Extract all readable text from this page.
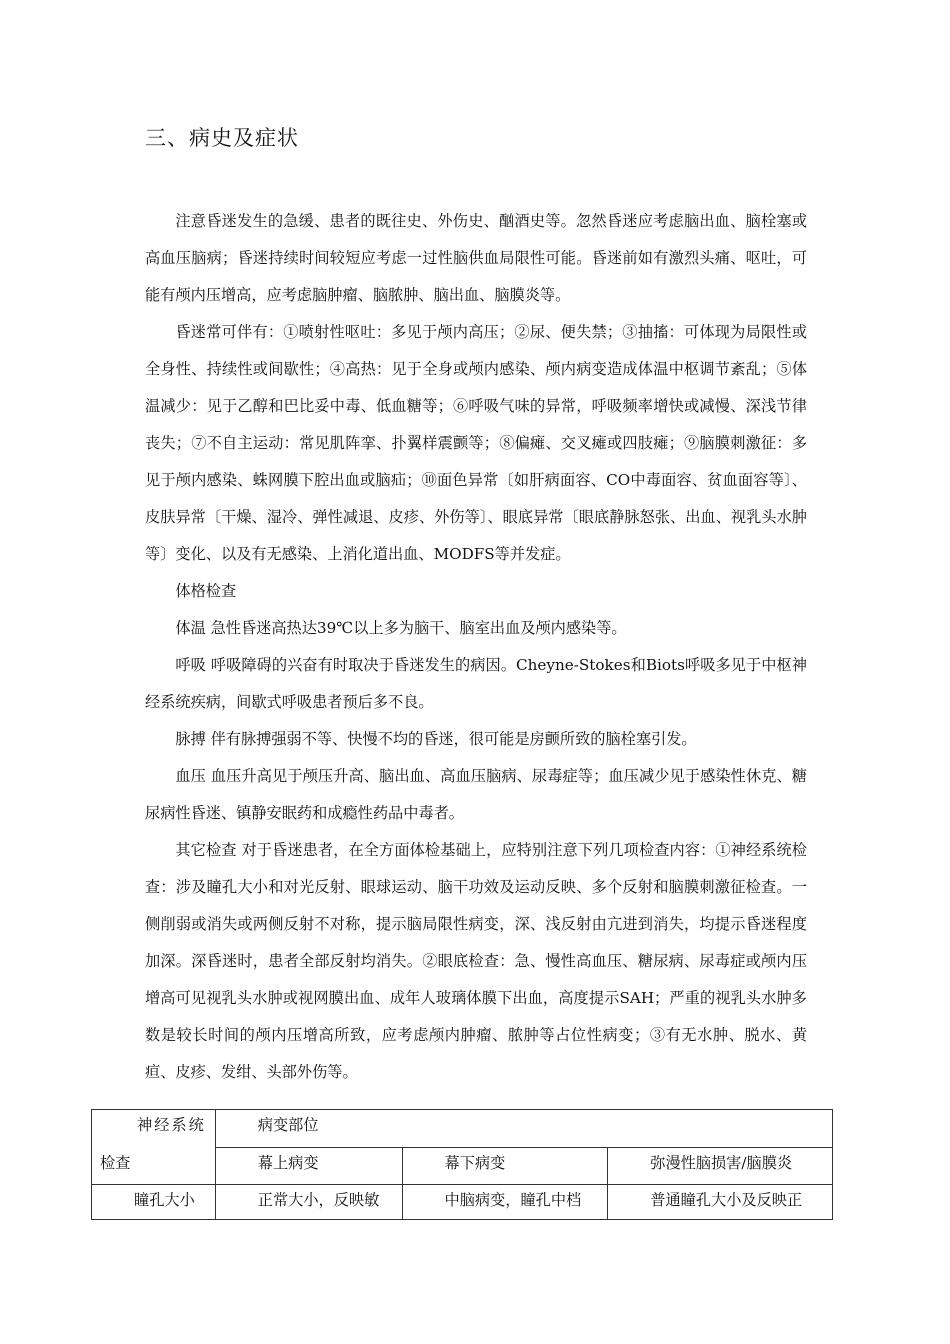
三、病史及症状

注意昏迷发生的急缓、患者的既往史、外伤史、酗酒史等。忽然昏迷应考虑脑出血、脑栓塞或高血压脑病；昏迷持续时间较短应考虑一过性脑供血局限性可能。昏迷前如有激烈头痛、呕吐，可能有颅内压增高，应考虑脑肿瘤、脑脓肿、脑出血、脑膜炎等。

昏迷常可伴有：①喷射性呕吐：多见于颅内高压；②尿、便失禁；③抽搐：可体现为局限性或全身性、持续性或间歇性；④高热：见于全身或颅内感染、颅内病变造成体温中枢调节紊乱；⑤体温减少：见于乙醇和巴比妥中毒、低血糖等；⑥呼吸气味的异常，呼吸频率增快或减慢、深浅节律丧失；⑦不自主运动：常见肌阵挛、扑翼样震颤等；⑧偏瘫、交叉瘫或四肢瘫；⑨脑膜刺激征：多见于颅内感染、蛛网膜下腔出血或脑疝；⑩面色异常〔如肝病面容、CO中毒面容、贫血面容等〕、皮肤异常〔干燥、湿冷、弹性减退、皮疹、外伤等〕、眼底异常〔眼底静脉怒张、出血、视乳头水肿等〕变化、以及有无感染、上消化道出血、MODFS等并发症。

体格检查

体温 急性昏迷高热达39℃以上多为脑干、脑室出血及颅内感染等。

呼吸 呼吸障碍的兴奋有时取决于昏迷发生的病因。Cheyne-Stokes和Biots呼吸多见于中枢神经系统疾病，间歇式呼吸患者预后多不良。

脉搏 伴有脉搏强弱不等、快慢不均的昏迷，很可能是房颤所致的脑栓塞引发。

血压 血压升高见于颅压升高、脑出血、高血压脑病、尿毒症等；血压减少见于感染性休克、糖尿病性昏迷、镇静安眠药和成瘾性药品中毒者。

其它检查 对于昏迷患者，在全方面体检基础上，应特别注意下列几项检查内容：①神经系统检查：涉及瞳孔大小和对光反射、眼球运动、脑干功效及运动反映、多个反射和脑膜刺激征检查。一侧削弱或消失或两侧反射不对称，提示脑局限性病变，深、浅反射由亢进到消失，均提示昏迷程度加深。深昏迷时，患者全部反射均消失。②眼底检查：急、慢性高血压、糖尿病、尿毒症或颅内压增高可见视乳头水肿或视网膜出血、成年人玻璃体膜下出血，高度提示SAH；严重的视乳头水肿多数是较长时间的颅内压增高所致，应考虑颅内肿瘤、脓肿等占位性病变；③有无水肿、脱水、黄疸、皮疹、发绀、头部外伤等。

神经系统
检查	病变部位		

	幕上病变	幕下病变	弥漫性脑损害/脑膜炎

瞳孔大小	正常大小，反映敏	中脑病变，瞳孔中档	普通瞳孔大小及反映正
